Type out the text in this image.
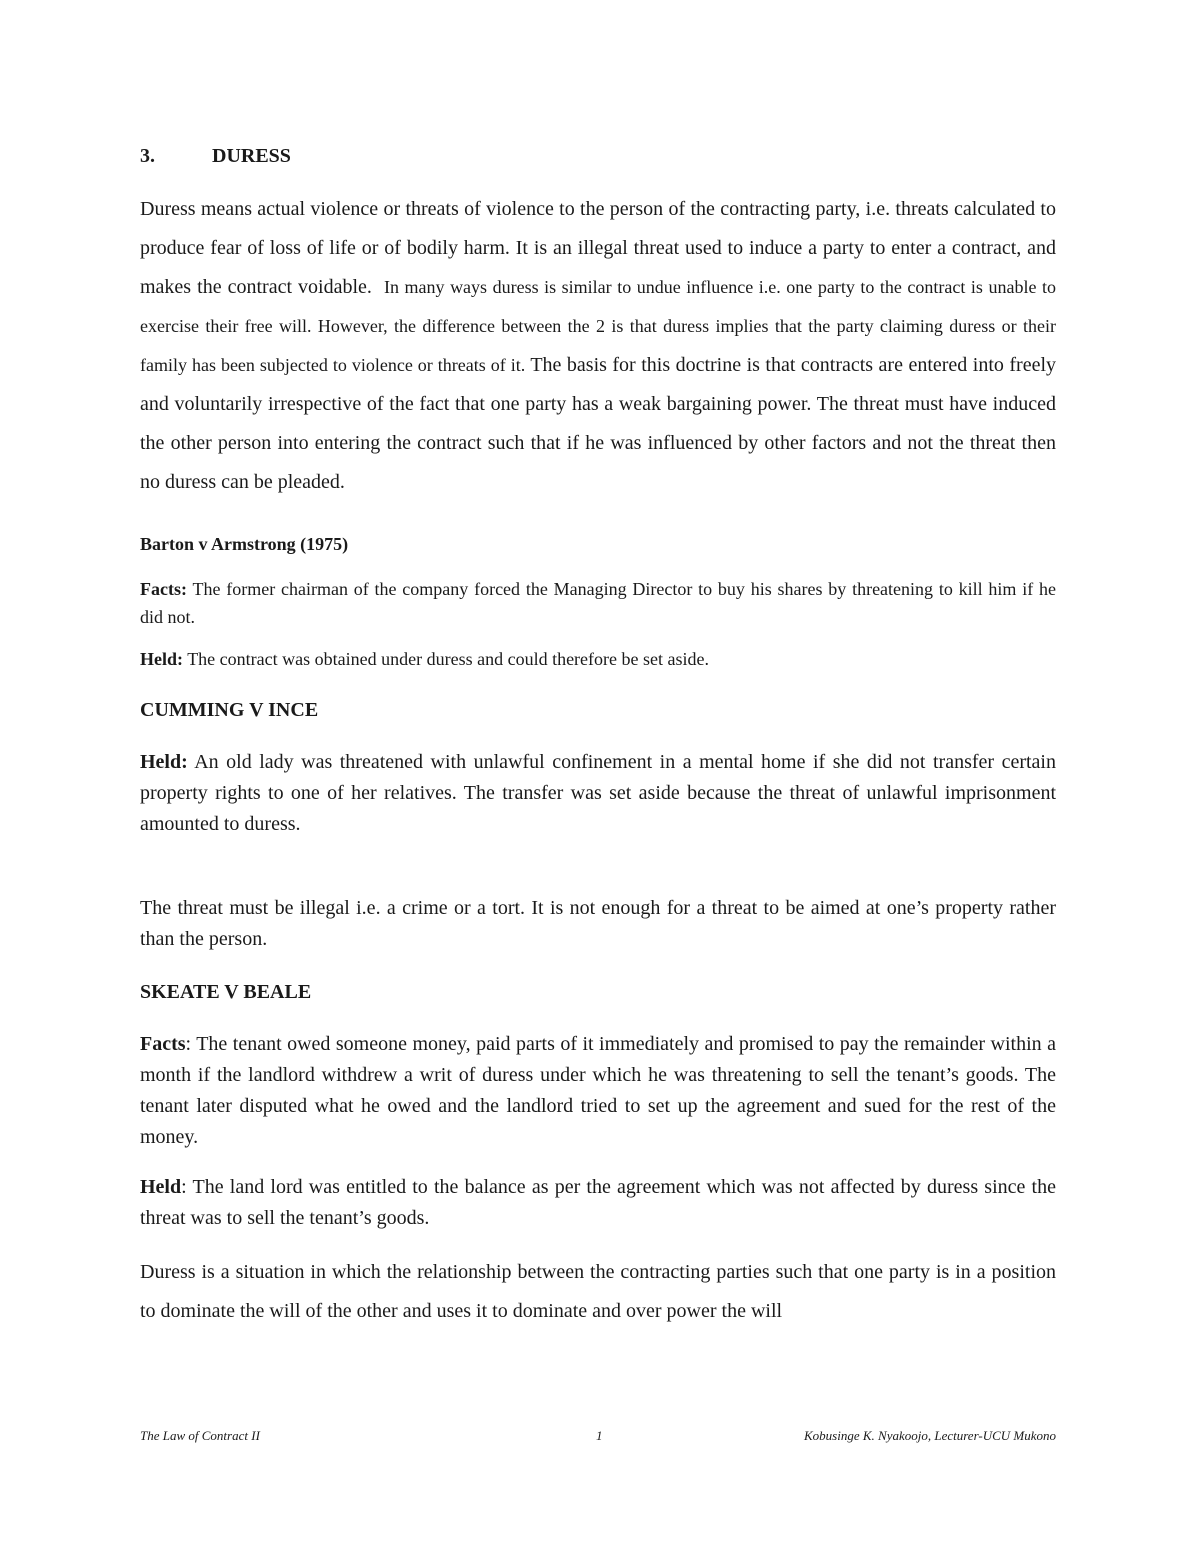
3.	DURESS

Duress means actual violence or threats of violence to the person of the contracting party, i.e. threats calculated to produce fear of loss of life or of bodily harm. It is an illegal threat used to induce a party to enter a contract, and makes the contract voidable. In many ways duress is similar to undue influence i.e. one party to the contract is unable to exercise their free will. However, the difference between the 2 is that duress implies that the party claiming duress or their family has been subjected to violence or threats of it. The basis for this doctrine is that contracts are entered into freely and voluntarily irrespective of the fact that one party has a weak bargaining power. The threat must have induced the other person into entering the contract such that if he was influenced by other factors and not the threat then no duress can be pleaded.

Barton v Armstrong (1975)

Facts: The former chairman of the company forced the Managing Director to buy his shares by threatening to kill him if he did not.

Held: The contract was obtained under duress and could therefore be set aside.

CUMMING V INCE

Held: An old lady was threatened with unlawful confinement in a mental home if she did not transfer certain property rights to one of her relatives. The transfer was set aside because the threat of unlawful imprisonment amounted to duress.

The threat must be illegal i.e. a crime or a tort. It is not enough for a threat to be aimed at one’s property rather than the person.

SKEATE V BEALE

Facts: The tenant owed someone money, paid parts of it immediately and promised to pay the remainder within a month if the landlord withdrew a writ of duress under which he was threatening to sell the tenant’s goods. The tenant later disputed what he owed and the landlord tried to set up the agreement and sued for the rest of the money.

Held: The land lord was entitled to the balance as per the agreement which was not affected by duress since the threat was to sell the tenant’s goods.

Duress is a situation in which the relationship between the contracting parties such that one party is in a position to dominate the will of the other and uses it to dominate and over power the will

The Law of Contract II	1	Kobusinge K. Nyakoojo, Lecturer-UCU Mukono
